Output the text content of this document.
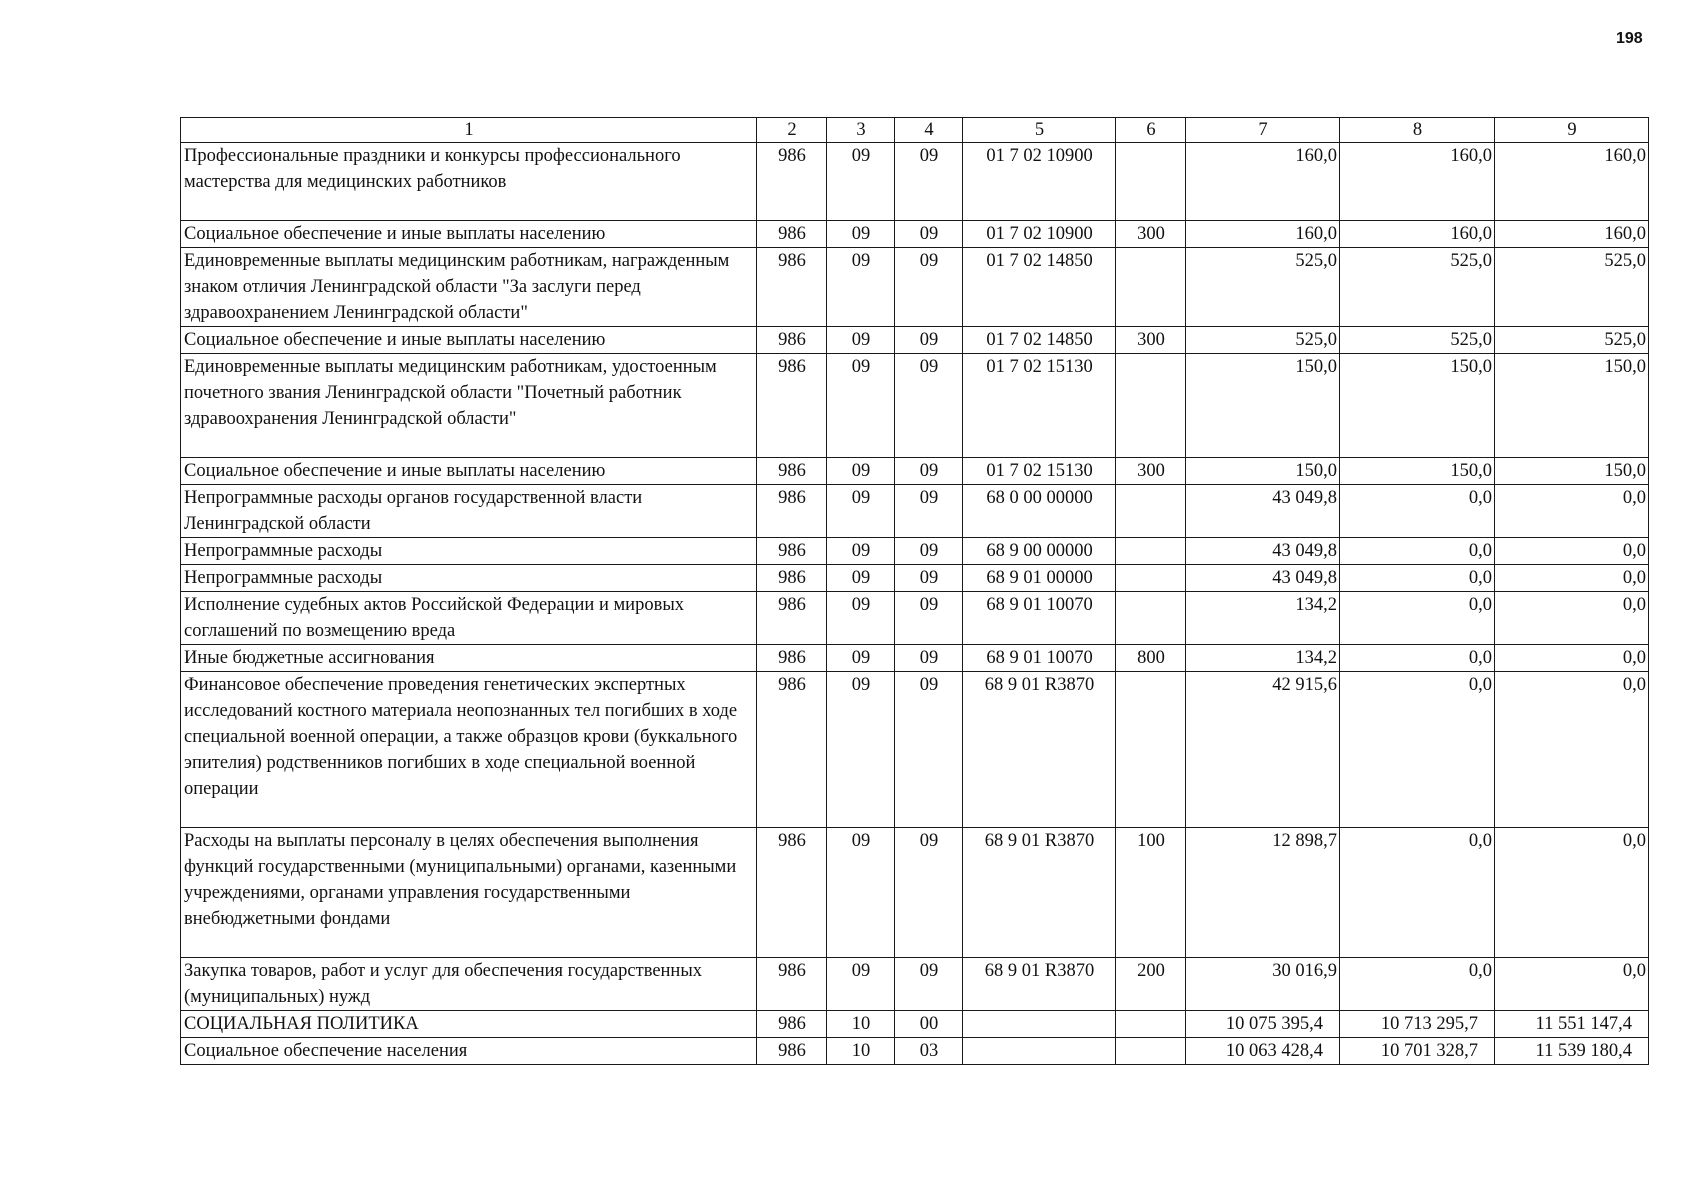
198
1	2	3	4	5	6	7	8	9
Профессиональные праздники и конкурсы профессионального мастерства для медицинских работников	986	09	09	01 7 02 10900		160,0	160,0	160,0
Социальное обеспечение и иные выплаты населению	986	09	09	01 7 02 10900	300	160,0	160,0	160,0
Единовременные выплаты медицинским работникам, награжденным знаком отличия Ленинградской области "За заслуги перед здравоохранением Ленинградской области"	986	09	09	01 7 02 14850		525,0	525,0	525,0
Социальное обеспечение и иные выплаты населению	986	09	09	01 7 02 14850	300	525,0	525,0	525,0
Единовременные выплаты медицинским работникам, удостоенным почетного звания Ленинградской области "Почетный работник здравоохранения Ленинградской области"	986	09	09	01 7 02 15130		150,0	150,0	150,0
Социальное обеспечение и иные выплаты населению	986	09	09	01 7 02 15130	300	150,0	150,0	150,0
Непрограммные расходы органов государственной власти Ленинградской области	986	09	09	68 0 00 00000		43 049,8	0,0	0,0
Непрограммные расходы	986	09	09	68 9 00 00000		43 049,8	0,0	0,0
Непрограммные расходы	986	09	09	68 9 01 00000		43 049,8	0,0	0,0
Исполнение судебных актов Российской Федерации и мировых соглашений по возмещению вреда	986	09	09	68 9 01 10070		134,2	0,0	0,0
Иные бюджетные ассигнования	986	09	09	68 9 01 10070	800	134,2	0,0	0,0
Финансовое обеспечение проведения генетических экспертных исследований костного материала неопознанных тел погибших в ходе специальной военной операции, а также образцов крови (буккального эпителия) родственников погибших в ходе специальной военной операции	986	09	09	68 9 01 R3870		42 915,6	0,0	0,0
Расходы на выплаты персоналу в целях обеспечения выполнения функций государственными (муниципальными) органами, казенными учреждениями, органами управления государственными внебюджетными фондами	986	09	09	68 9 01 R3870	100	12 898,7	0,0	0,0
Закупка товаров, работ и услуг для обеспечения государственных (муниципальных) нужд	986	09	09	68 9 01 R3870	200	30 016,9	0,0	0,0
СОЦИАЛЬНАЯ ПОЛИТИКА	986	10	00			10 075 395,4	10 713 295,7	11 551 147,4
Социальное обеспечение населения	986	10	03			10 063 428,4	10 701 328,7	11 539 180,4
